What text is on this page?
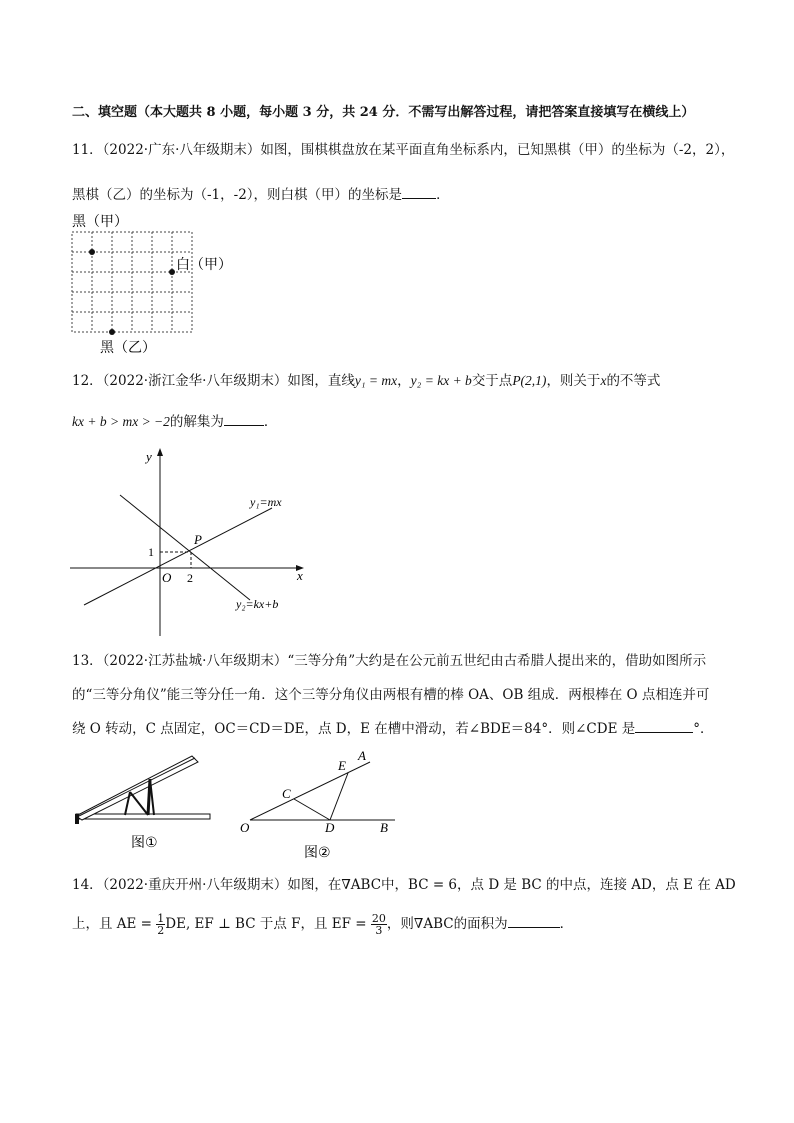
二、填空题（本大题共 8 小题，每小题 3 分，共 24 分．不需写出解答过程，请把答案直接填写在横线上）
11．（2022·广东·八年级期末）如图，围棋棋盘放在某平面直角坐标系内，已知黑棋（甲）的坐标为（-2，2），
黑棋（乙）的坐标为（-1，-2），则白棋（甲）的坐标是	．
黑（甲）
白（甲）
黑（乙）
12．（2022·浙江金华·八年级期末）如图，直线y₁ = mx，y₂ = kx + b交于点P(2,1)，则关于x的不等式
kx + b > mx > −2的解集为	．
y
x
O
P
1
2
y₁=mx
y₂=kx+b
13．（2022·江苏盐城·八年级期末）“三等分角”大约是在公元前五世纪由古希腊人提出来的，借助如图所示
的“三等分角仪”能三等分任一角．这个三等分角仪由两根有槽的棒 OA、OB 组成．两根棒在 O 点相连并可
绕 O 转动，C 点固定，OC＝CD＝DE，点 D，E 在槽中滑动，若∠BDE＝84°．则∠CDE 是	°．
图①
O	B
D
C
E
A
图②
14．（2022·重庆开州·八年级期末）如图，在∇ABC中，BC = 6，点 D 是 BC 的中点，连接 AD，点 E 在 AD
上，且 AE = $\frac{1}{2}$ DE, EF ⊥ BC 于点 F，且 EF = $\frac{20}{3}$ ，则∇ABC的面积为	．
